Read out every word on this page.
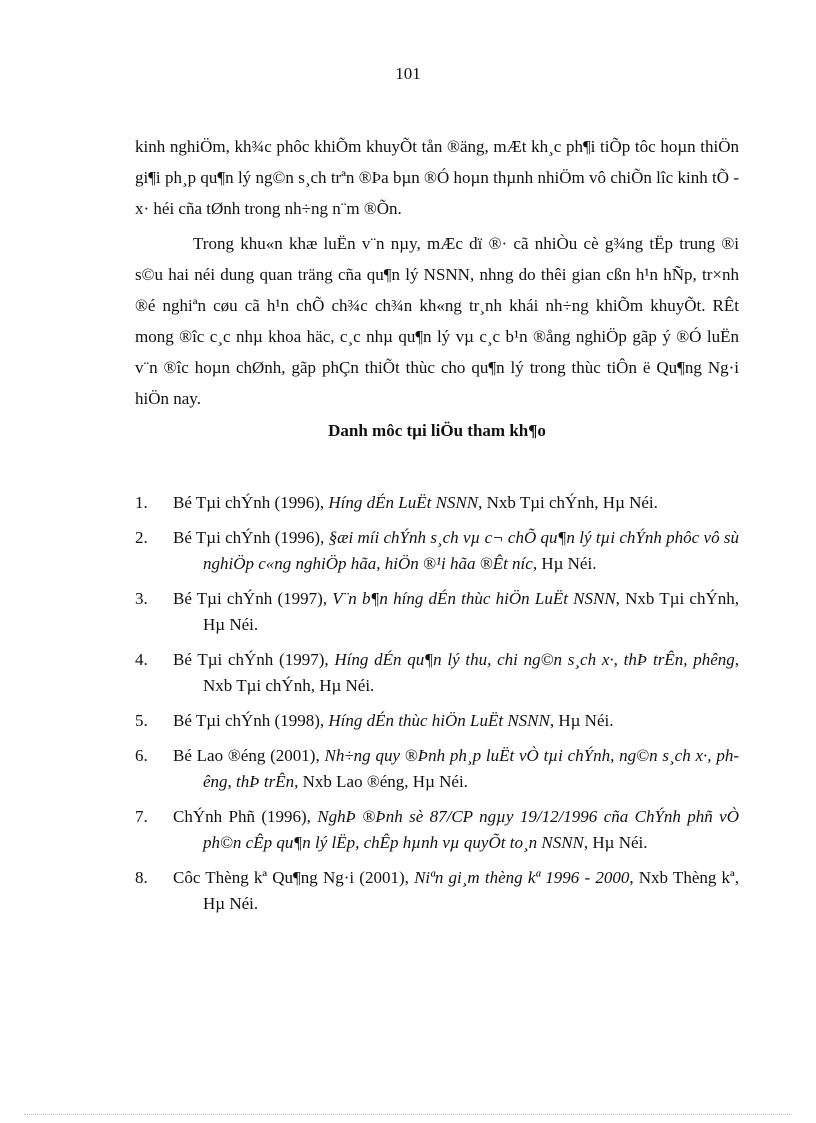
101

kinh nghiÖm, kh¾c phôc khiÕm khuyÕt tån ®äng, mÆt kh¸c ph¶i tiÕp tôc hoµn thiÖn gi¶i ph¸p qu¶n lý ng©n s¸ch trªn ®Þa bµn ®Ó hoµn thµnh nhiÖm vô chiÕn lîc kinh tÕ - x· héi cña tØnh trong nh÷ng n¨m ®Õn.

Trong khu«n khæ luËn v¨n nµy, mÆc dï ®· cã nhiÒu cè g¾ng tËp trung ®i s©u hai néi dung quan träng cña qu¶n lý NSNN, nhng do thêi gian cßn h¹n hÑp, tr×nh ®é nghiªn cøu cã h¹n chÕ ch¾c ch¾n kh«ng tr¸nh khái nh÷ng khiÕm khuyÕt. RÊt mong ®îc c¸c nhµ khoa häc, c¸c nhµ qu¶n lý vµ c¸c b¹n ®ång nghiÖp gãp ý ®Ó luËn v¨n ®îc hoµn chØnh, gãp phÇn thiÕt thùc cho qu¶n lý trong thùc tiÔn ë Qu¶ng Ng·i hiÖn nay.

Danh môc tµi liÖu tham kh¶o
1. Bé Tµi chÝnh (1996), Híng dÉn LuËt NSNN, Nxb Tµi chÝnh, Hµ Néi.
2. Bé Tµi chÝnh (1996), §æi míi chÝnh s¸ch vµ c¬ chÕ qu¶n lý tµi chÝnh phôc vô sù nghiÖp c«ng nghiÖp hãa, hiÖn ®¹i hãa ®Êt níc, Hµ Néi.
3. Bé Tµi chÝnh (1997), V¨n b¶n híng dÉn thùc hiÖn LuËt NSNN, Nxb Tµi chÝnh, Hµ Néi.
4. Bé Tµi chÝnh (1997), Híng dÉn qu¶n lý thu, chi ng©n s¸ch x·, thÞ trÊn, phêng, Nxb Tµi chÝnh, Hµ Néi.
5. Bé Tµi chÝnh (1998), Híng dÉn thùc hiÖn LuËt NSNN, Hµ Néi.
6. Bé Lao ®éng (2001), Nh÷ng quy ®Þnh ph¸p luËt vÒ tµi chÝnh, ng©n s¸ch x·, phêng, thÞ trÊn, Nxb Lao ®éng, Hµ Néi.
7. ChÝnh Phñ (1996), NghÞ ®Þnh sè 87/CP ngµy 19/12/1996 cña ChÝnh phñ vÒ ph©n cÊp qu¶n lý lËp, chÊp hµnh vµ quyÕt to¸n NSNN, Hµ Néi.
8. Côc Thèng kª Qu¶ng Ng·i (2001), Niªn gi¸m thèng kª 1996 - 2000, Nxb Thèng kª, Hµ Néi.
